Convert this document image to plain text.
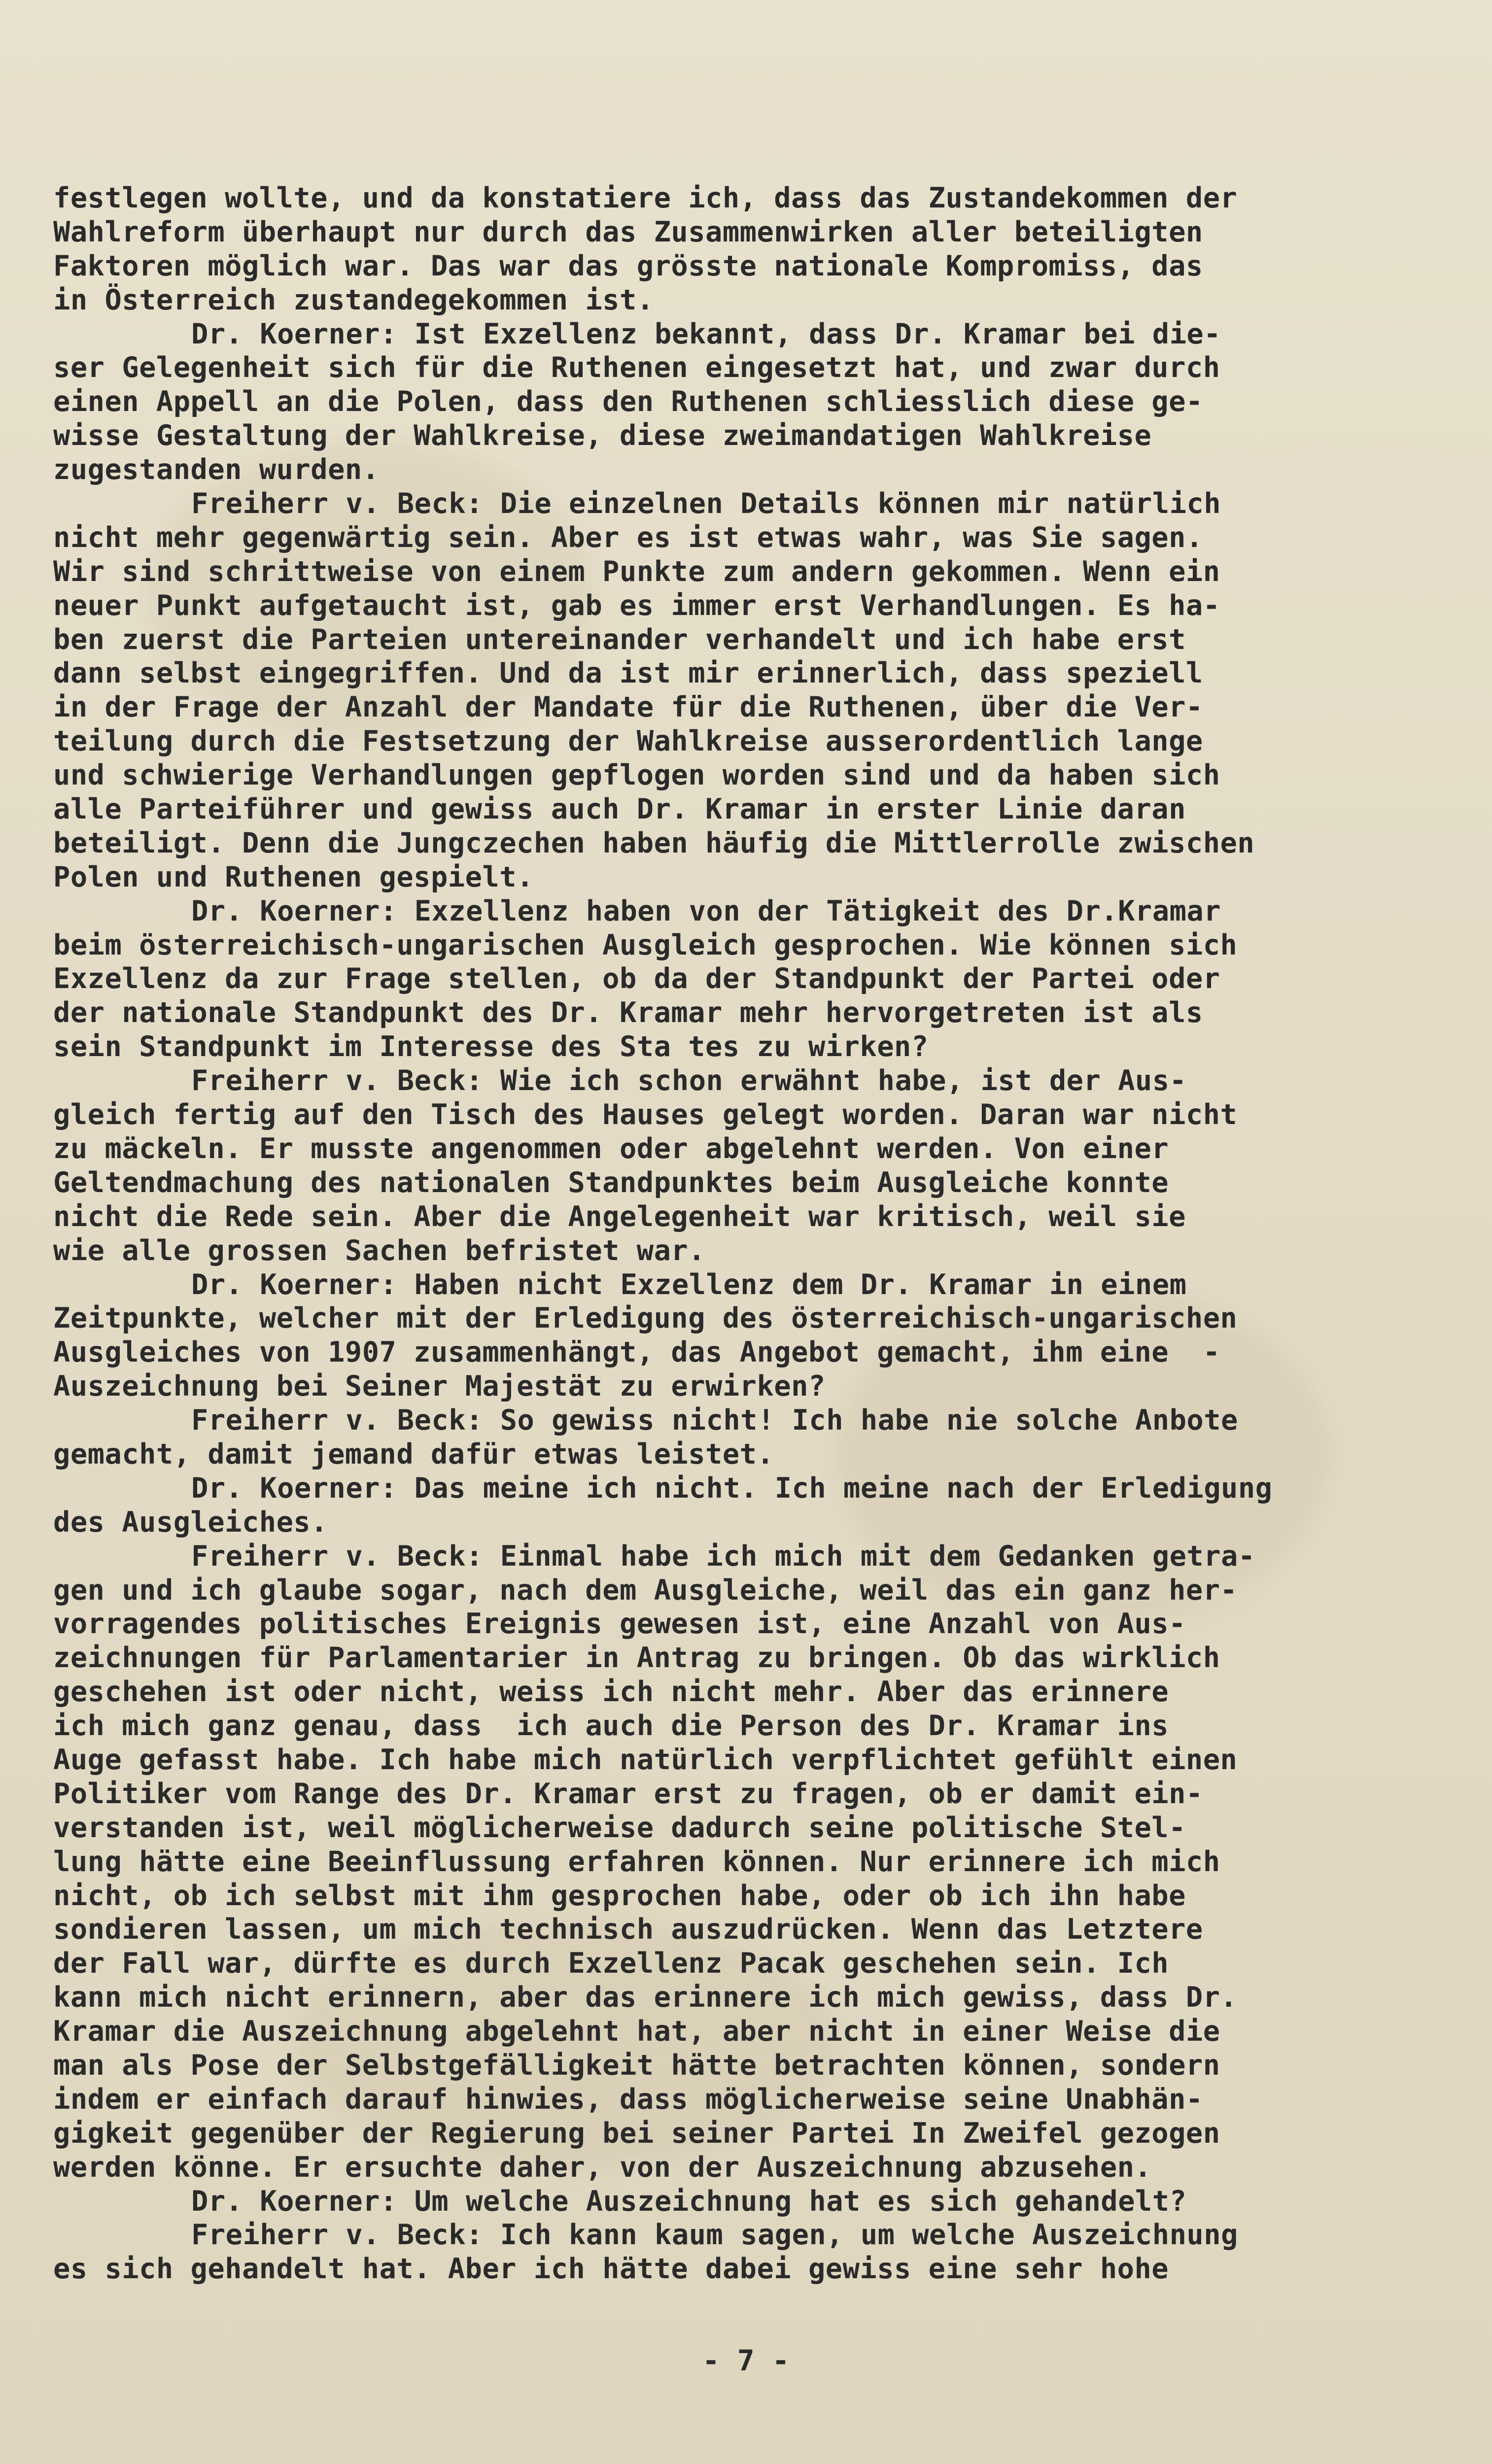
festlegen wollte, und da konstatiere ich, dass das Zustandekommen der
Wahlreform überhaupt nur durch das Zusammenwirken aller beteiligten
Faktoren möglich war. Das war das grösste nationale Kompromiss, das
in Österreich zustandegekommen ist.
Dr. Koerner: Ist Exzellenz bekannt, dass Dr. Kramar bei die-
ser Gelegenheit sich für die Ruthenen eingesetzt hat, und zwar durch
einen Appell an die Polen, dass den Ruthenen schliesslich diese ge-
wisse Gestaltung der Wahlkreise, diese zweimandatigen Wahlkreise
zugestanden wurden.
Freiherr v. Beck: Die einzelnen Details können mir natürlich
nicht mehr gegenwärtig sein. Aber es ist etwas wahr, was Sie sagen.
Wir sind schrittweise von einem Punkte zum andern gekommen. Wenn ein
neuer Punkt aufgetaucht ist, gab es immer erst Verhandlungen. Es ha-
ben zuerst die Parteien untereinander verhandelt und ich habe erst
dann selbst eingegriffen. Und da ist mir erinnerlich, dass speziell
in der Frage der Anzahl der Mandate für die Ruthenen, über die Ver-
teilung durch die Festsetzung der Wahlkreise ausserordentlich lange
und schwierige Verhandlungen gepflogen worden sind und da haben sich
alle Parteiführer und gewiss auch Dr. Kramar in erster Linie daran
beteiligt. Denn die Jungczechen haben häufig die Mittlerrolle zwischen
Polen und Ruthenen gespielt.
Dr. Koerner: Exzellenz haben von der Tätigkeit des Dr.Kramar
beim österreichisch-ungarischen Ausgleich gesprochen. Wie können sich
Exzellenz da zur Frage stellen, ob da der Standpunkt der Partei oder
der nationale Standpunkt des Dr. Kramar mehr hervorgetreten ist als
sein Standpunkt im Interesse des Sta tes zu wirken?
Freiherr v. Beck: Wie ich schon erwähnt habe, ist der Aus-
gleich fertig auf den Tisch des Hauses gelegt worden. Daran war nicht
zu mäckeln. Er musste angenommen oder abgelehnt werden. Von einer
Geltendmachung des nationalen Standpunktes beim Ausgleiche konnte
nicht die Rede sein. Aber die Angelegenheit war kritisch, weil sie
wie alle grossen Sachen befristet war.
Dr. Koerner: Haben nicht Exzellenz dem Dr. Kramar in einem
Zeitpunkte, welcher mit der Erledigung des österreichisch-ungarischen
Ausgleiches von 1907 zusammenhängt, das Angebot gemacht, ihm eine  -
Auszeichnung bei Seiner Majestät zu erwirken?
Freiherr v. Beck: So gewiss nicht! Ich habe nie solche Anbote
gemacht, damit jemand dafür etwas leistet.
Dr. Koerner: Das meine ich nicht. Ich meine nach der Erledigung
des Ausgleiches.
Freiherr v. Beck: Einmal habe ich mich mit dem Gedanken getra-
gen und ich glaube sogar, nach dem Ausgleiche, weil das ein ganz her-
vorragendes politisches Ereignis gewesen ist, eine Anzahl von Aus-
zeichnungen für Parlamentarier in Antrag zu bringen. Ob das wirklich
geschehen ist oder nicht, weiss ich nicht mehr. Aber das erinnere
ich mich ganz genau, dass  ich auch die Person des Dr. Kramar ins
Auge gefasst habe. Ich habe mich natürlich verpflichtet gefühlt einen
Politiker vom Range des Dr. Kramar erst zu fragen, ob er damit ein-
verstanden ist, weil möglicherweise dadurch seine politische Stel-
lung hätte eine Beeinflussung erfahren können. Nur erinnere ich mich
nicht, ob ich selbst mit ihm gesprochen habe, oder ob ich ihn habe
sondieren lassen, um mich technisch auszudrücken. Wenn das Letztere
der Fall war, dürfte es durch Exzellenz Pacak geschehen sein. Ich
kann mich nicht erinnern, aber das erinnere ich mich gewiss, dass Dr.
Kramar die Auszeichnung abgelehnt hat, aber nicht in einer Weise die
man als Pose der Selbstgefälligkeit hätte betrachten können, sondern
indem er einfach darauf hinwies, dass möglicherweise seine Unabhän-
gigkeit gegenüber der Regierung bei seiner Partei In Zweifel gezogen
werden könne. Er ersuchte daher, von der Auszeichnung abzusehen.
Dr. Koerner: Um welche Auszeichnung hat es sich gehandelt?
Freiherr v. Beck: Ich kann kaum sagen, um welche Auszeichnung
es sich gehandelt hat. Aber ich hätte dabei gewiss eine sehr hohe
- 7 -
